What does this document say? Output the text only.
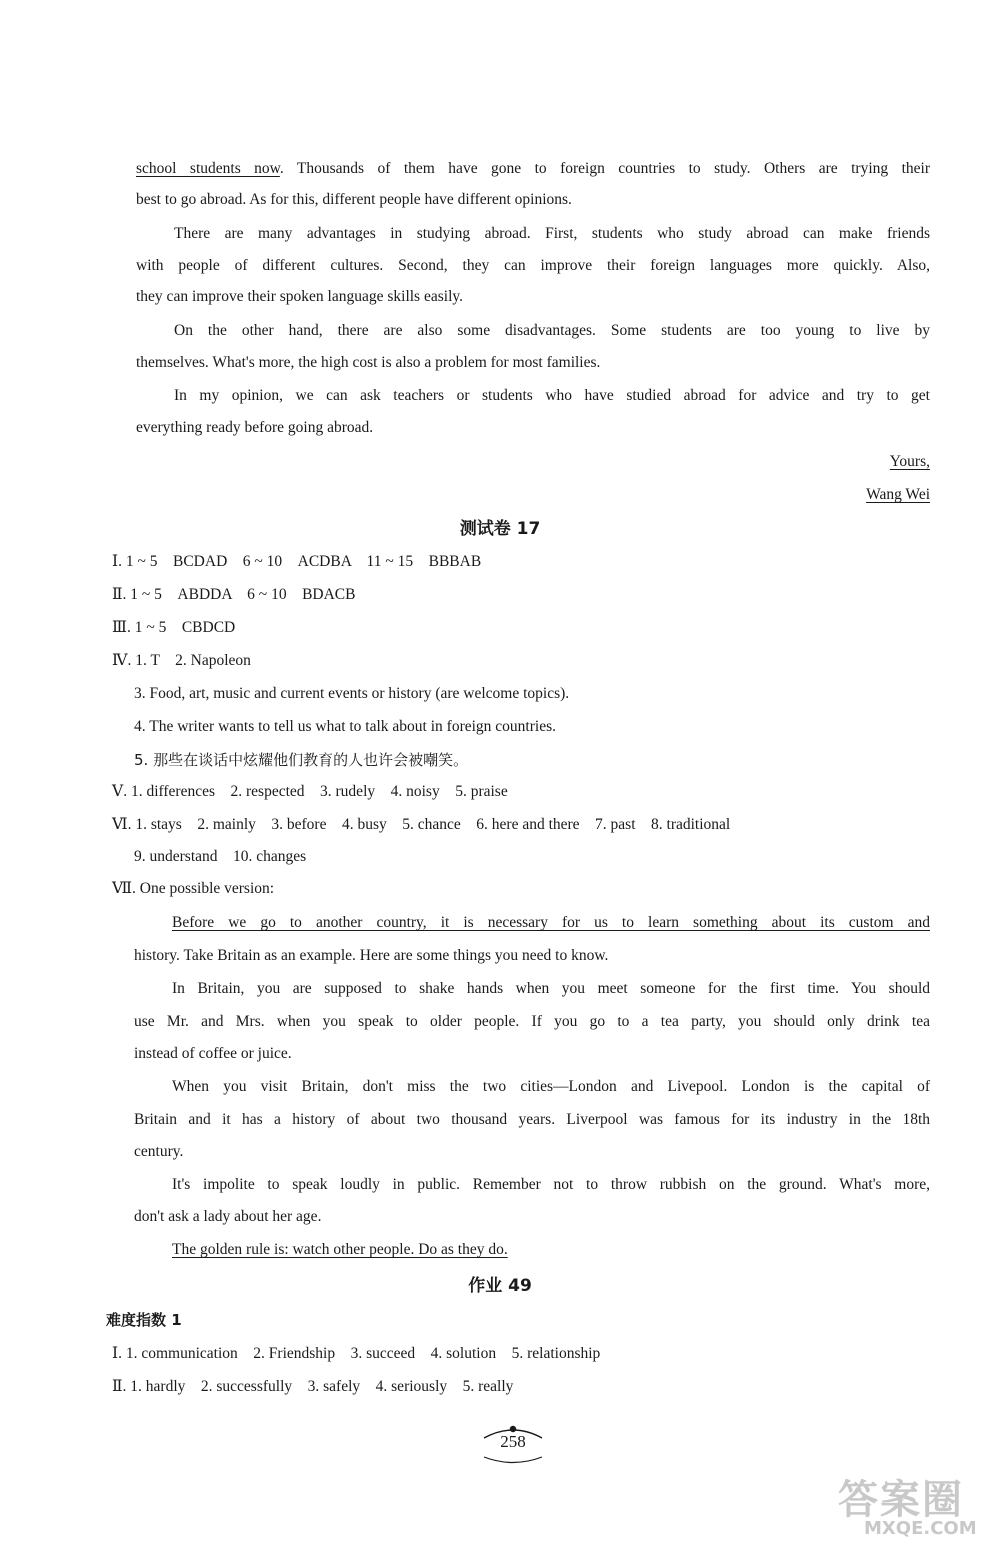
school students now. Thousands of them have gone to foreign countries to study. Others are trying their
best to go abroad. As for this, different people have different opinions.
There are many advantages in studying abroad. First, students who study abroad can make friends
with people of different cultures. Second, they can improve their foreign languages more quickly. Also,
they can improve their spoken language skills easily.
On the other hand, there are also some disadvantages. Some students are too young to live by
themselves. What's more, the high cost is also a problem for most families.
In my opinion, we can ask teachers or students who have studied abroad for advice and try to get
everything ready before going abroad.
Yours,
Wang Wei
测试卷 17
Ⅰ. 1 ~ 5　BCDAD　6 ~ 10　ACDBA　11 ~ 15　BBBAB
Ⅱ. 1 ~ 5　ABDDA　6 ~ 10　BDACB
Ⅲ. 1 ~ 5　CBDCD
Ⅳ. 1. T　2. Napoleon
3. Food, art, music and current events or history (are welcome topics).
4. The writer wants to tell us what to talk about in foreign countries.
5. 那些在谈话中炫耀他们教育的人也许会被嘲笑。
Ⅴ. 1. differences　2. respected　3. rudely　4. noisy　5. praise
Ⅵ. 1. stays　2. mainly　3. before　4. busy　5. chance　6. here and there　7. past　8. traditional
9. understand　10. changes
Ⅶ. One possible version:
Before we go to another country, it is necessary for us to learn something about its custom and
history. Take Britain as an example. Here are some things you need to know.
In Britain, you are supposed to shake hands when you meet someone for the first time. You should
use Mr. and Mrs. when you speak to older people. If you go to a tea party, you should only drink tea
instead of coffee or juice.
When you visit Britain, don't miss the two cities—London and Livepool. London is the capital of
Britain and it has a history of about two thousand years. Liverpool was famous for its industry in the 18th
century.
It's impolite to speak loudly in public. Remember not to throw rubbish on the ground. What's more,
don't ask a lady about her age.
The golden rule is: watch other people. Do as they do.
作业 49
难度指数 1
Ⅰ. 1. communication　2. Friendship　3. succeed　4. solution　5. relationship
Ⅱ. 1. hardly　2. successfully　3. safely　4. seriously　5. really
258
答案圈
MXQE.COM
